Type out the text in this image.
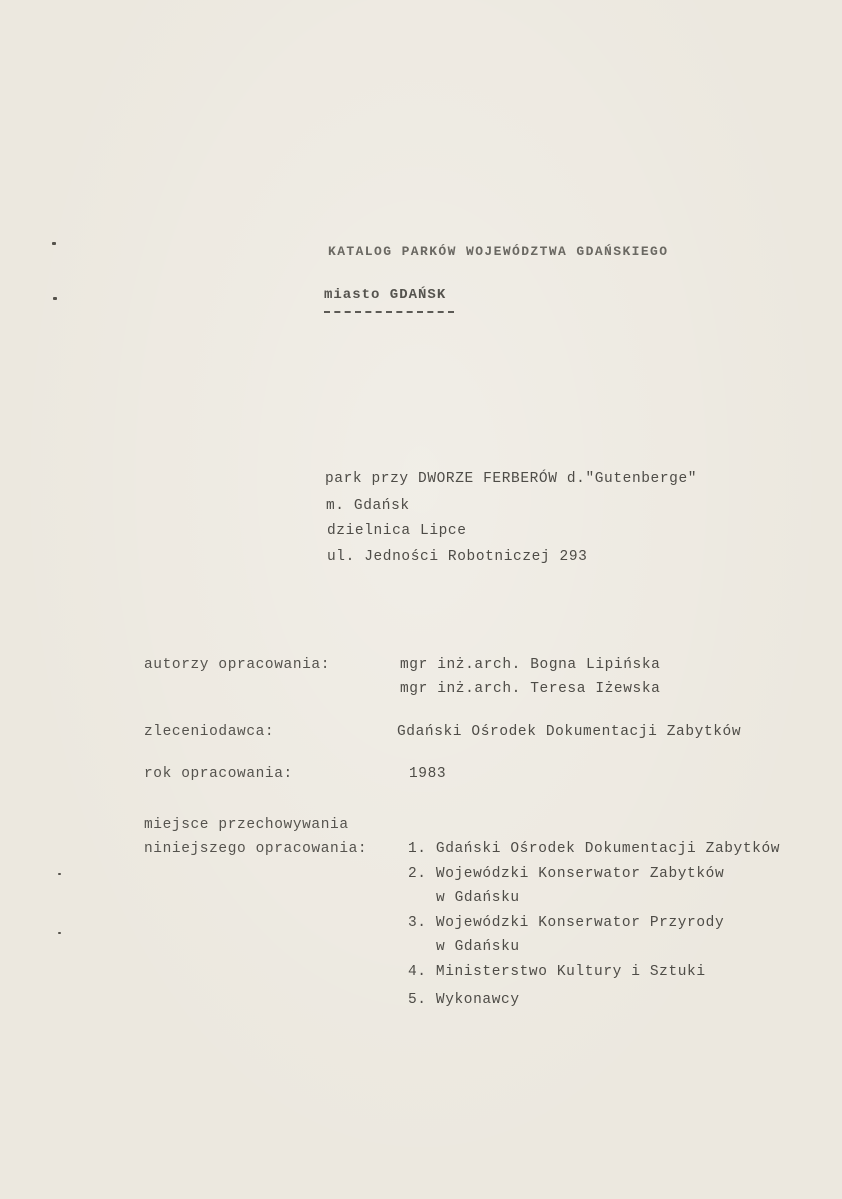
KATALOG PARKÓW WOJEWÓDZTWA GDAŃSKIEGO
miasto GDAŃSK
park przy DWORZE FERBERÓW d."Gutenberge"
m. Gdańsk
dzielnica Lipce
ul. Jedności Robotniczej 293
autorzy opracowania:	mgr inż.arch. Bogna Lipińska
mgr inż.arch. Teresa Iżewska
zleceniodawca:	Gdański Ośrodek Dokumentacji Zabytków
rok opracowania:	1983
miejsce przechowywania
niniejszego opracowania:	1. Gdański Ośrodek Dokumentacji Zabytków
2. Wojewódzki Konserwator Zabytków
w Gdańsku
3. Wojewódzki Konserwator Przyrody
w Gdańsku
4. Ministerstwo Kultury i Sztuki
5. Wykonawcy
